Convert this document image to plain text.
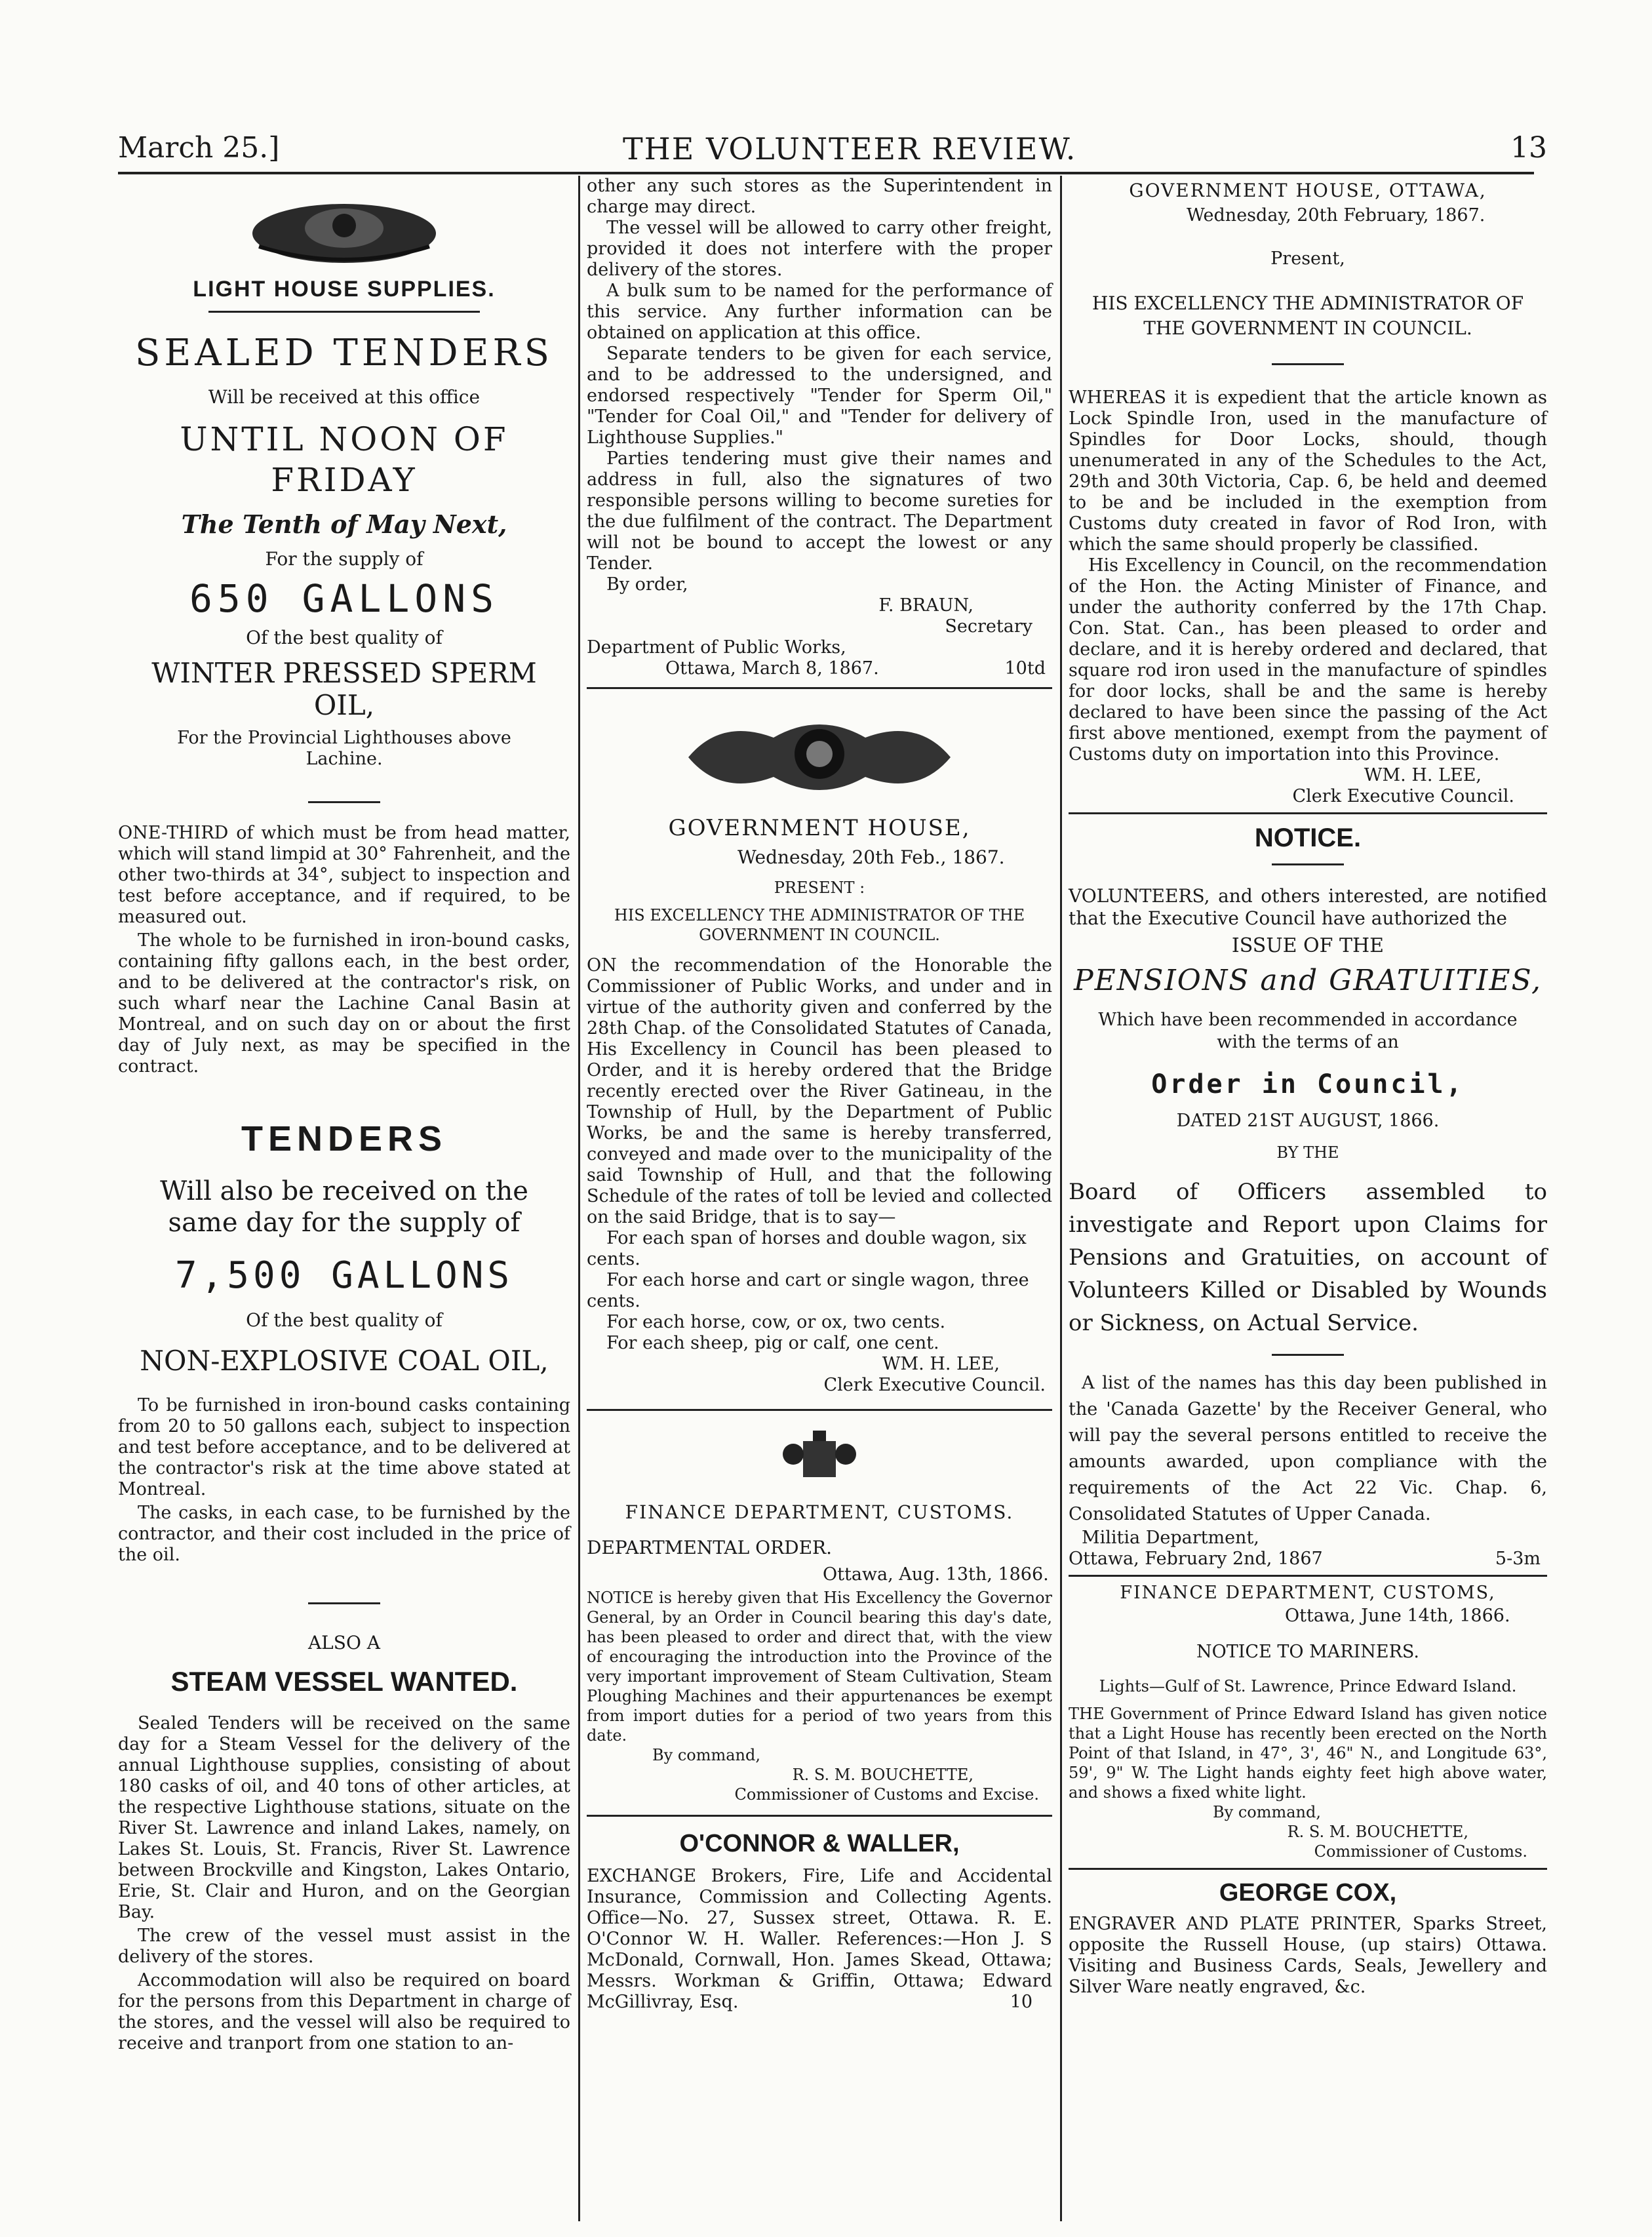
March 25.]	THE VOLUNTEER REVIEW.	13
LIGHT HOUSE SUPPLIES.
SEALED TENDERS
Will be received at this office
UNTIL NOON OF FRIDAY
The Tenth of May Next,
For the supply of
650 GALLONS
Of the best quality of
WINTER PRESSED SPERM OIL,
For the Provincial Lighthouses above Lachine.

ONE-THIRD of which must be from head matter, which will stand limpid at 30° Fahrenheit, and the other two-thirds at 34°, subject to inspection and test before acceptance, and if required, to be measured out.

The whole to be furnished in iron-bound casks, containing fifty gallons each, in the best order, and to be delivered at the contractor's risk, on such wharf near the Lachine Canal Basin at Montreal, and on such day on or about the first day of July next, as may be specified in the contract.

TENDERS
Will also be received on the same day for the supply of
7,500 GALLONS
Of the best quality of
NON-EXPLOSIVE COAL OIL,

To be furnished in iron-bound casks containing from 20 to 50 gallons each, subject to inspection and test before acceptance, and to be delivered at the contractor's risk at the time above stated at Montreal.

The casks, in each case, to be furnished by the contractor, and their cost included in the price of the oil.

ALSO A
STEAM VESSEL WANTED.

Sealed Tenders will be received on the same day for a Steam Vessel for the delivery of the annual Lighthouse supplies, consisting of about 180 casks of oil, and 40 tons of other articles, at the respective Lighthouse stations, situate on the River St. Lawrence and inland Lakes, namely, on Lakes St. Louis, St. Francis, River St. Lawrence between Brockville and Kingston, Lakes Ontario, Erie, St. Clair and Huron, and on the Georgian Bay.

The crew of the vessel must assist in the delivery of the stores.

Accommodation will also be required on board for the persons from this Department in charge of the stores, and the vessel will also be required to receive and tranport from one station to an-

other any such stores as the Superintendent in charge may direct.

The vessel will be allowed to carry other freight, provided it does not interfere with the proper delivery of the stores.

A bulk sum to be named for the performance of this service. Any further information can be obtained on application at this office.

Separate tenders to be given for each service, and to be addressed to the undersigned, and endorsed respectively "Tender for Sperm Oil," "Tender for Coal Oil," and "Tender for delivery of Lighthouse Supplies."

Parties tendering must give their names and address in full, also the signatures of two responsible persons willing to become sureties for the due fulfilment of the contract. The Department will not be bound to accept the lowest or any Tender.

By order,

F. BRAUN,

Secretary

Department of Public Works,

Ottawa, March 8, 1867.	10td
GOVERNMENT HOUSE,
Wednesday, 20th Feb., 1867.
PRESENT :
HIS EXCELLENCY THE ADMINISTRATOR OF THE GOVERNMENT IN COUNCIL.

ON the recommendation of the Honorable the Commissioner of Public Works, and under and in virtue of the authority given and conferred by the 28th Chap. of the Consolidated Statutes of Canada, His Excellency in Council has been pleased to Order, and it is hereby ordered that the Bridge recently erected over the River Gatineau, in the Township of Hull, by the Department of Public Works, be and the same is hereby transferred, conveyed and made over to the municipality of the said Township of Hull, and that the following Schedule of the rates of toll be levied and collected on the said Bridge, that is to say—

For each span of horses and double wagon, six cents.

For each horse and cart or single wagon, three cents.

For each horse, cow, or ox, two cents.

For each sheep, pig or calf, one cent.

WM. H. LEE,

Clerk Executive Council.

FINANCE DEPARTMENT, CUSTOMS.
DEPARTMENTAL ORDER.
Ottawa, Aug. 13th, 1866.

NOTICE is hereby given that His Excellency the Governor General, by an Order in Council bearing this day's date, has been pleased to order and direct that, with the view of encouraging the introduction into the Province of the very important improvement of Steam Cultivation, Steam Ploughing Machines and their appurtenances be exempt from import duties for a period of two years from this date.

By command,

R. S. M. BOUCHETTE,

Commissioner of Customs and Excise.

O'CONNOR & WALLER,

EXCHANGE Brokers, Fire, Life and Accidental Insurance, Commission and Collecting Agents. Office—No. 27, Sussex street, Ottawa. R. E. O'Connor W. H. Waller. References:—Hon J. S McDonald, Cornwall, Hon. James Skead, Ottawa; Messrs. Workman & Griffin, Ottawa; Edward McGillivray, Esq.	10

GOVERNMENT HOUSE, OTTAWA,
Wednesday, 20th February, 1867.
Present,
HIS EXCELLENCY THE ADMINISTRATOR OF THE GOVERNMENT IN COUNCIL.

WHEREAS it is expedient that the article known as Lock Spindle Iron, used in the manufacture of Spindles for Door Locks, should, though unenumerated in any of the Schedules to the Act, 29th and 30th Victoria, Cap. 6, be held and deemed to be and be included in the exemption from Customs duty created in favor of Rod Iron, with which the same should properly be classified.

His Excellency in Council, on the recommendation of the Hon. the Acting Minister of Finance, and under the authority conferred by the 17th Chap. Con. Stat. Can., has been pleased to order and declare, and it is hereby ordered and declared, that square rod iron used in the manufacture of spindles for door locks, shall be and the same is hereby declared to have been since the passing of the Act first above mentioned, exempt from the payment of Customs duty on importation into this Province.

WM. H. LEE,

Clerk Executive Council.

NOTICE.

VOLUNTEERS, and others interested, are notified that the Executive Council have authorized the

ISSUE OF THE
PENSIONS and GRATUITIES,
Which have been recommended in accordance with the terms of an
Order in Council,
DATED 21ST AUGUST, 1866.
BY THE

Board of Officers assembled to investigate and Report upon Claims for Pensions and Gratuities, on account of Volunteers Killed or Disabled by Wounds or Sickness, on Actual Service.

A list of the names has this day been published in the 'Canada Gazette' by the Receiver General, who will pay the several persons entitled to receive the amounts awarded, upon compliance with the requirements of the Act 22 Vic. Chap. 6, Consolidated Statutes of Upper Canada.

Militia Department,

Ottawa, February 2nd, 1867	5-3m
FINANCE DEPARTMENT, CUSTOMS,
Ottawa, June 14th, 1866.
NOTICE TO MARINERS.
Lights—Gulf of St. Lawrence, Prince Edward Island.

THE Government of Prince Edward Island has given notice that a Light House has recently been erected on the North Point of that Island, in 47°, 3', 46" N., and Longitude 63°, 59', 9" W. The Light hands eighty feet high above water, and shows a fixed white light.

By command,

R. S. M. BOUCHETTE,

Commissioner of Customs.

GEORGE COX,

ENGRAVER AND PLATE PRINTER, Sparks Street, opposite the Russell House, (up stairs) Ottawa. Visiting and Business Cards, Seals, Jewellery and Silver Ware neatly engraved, &c.
